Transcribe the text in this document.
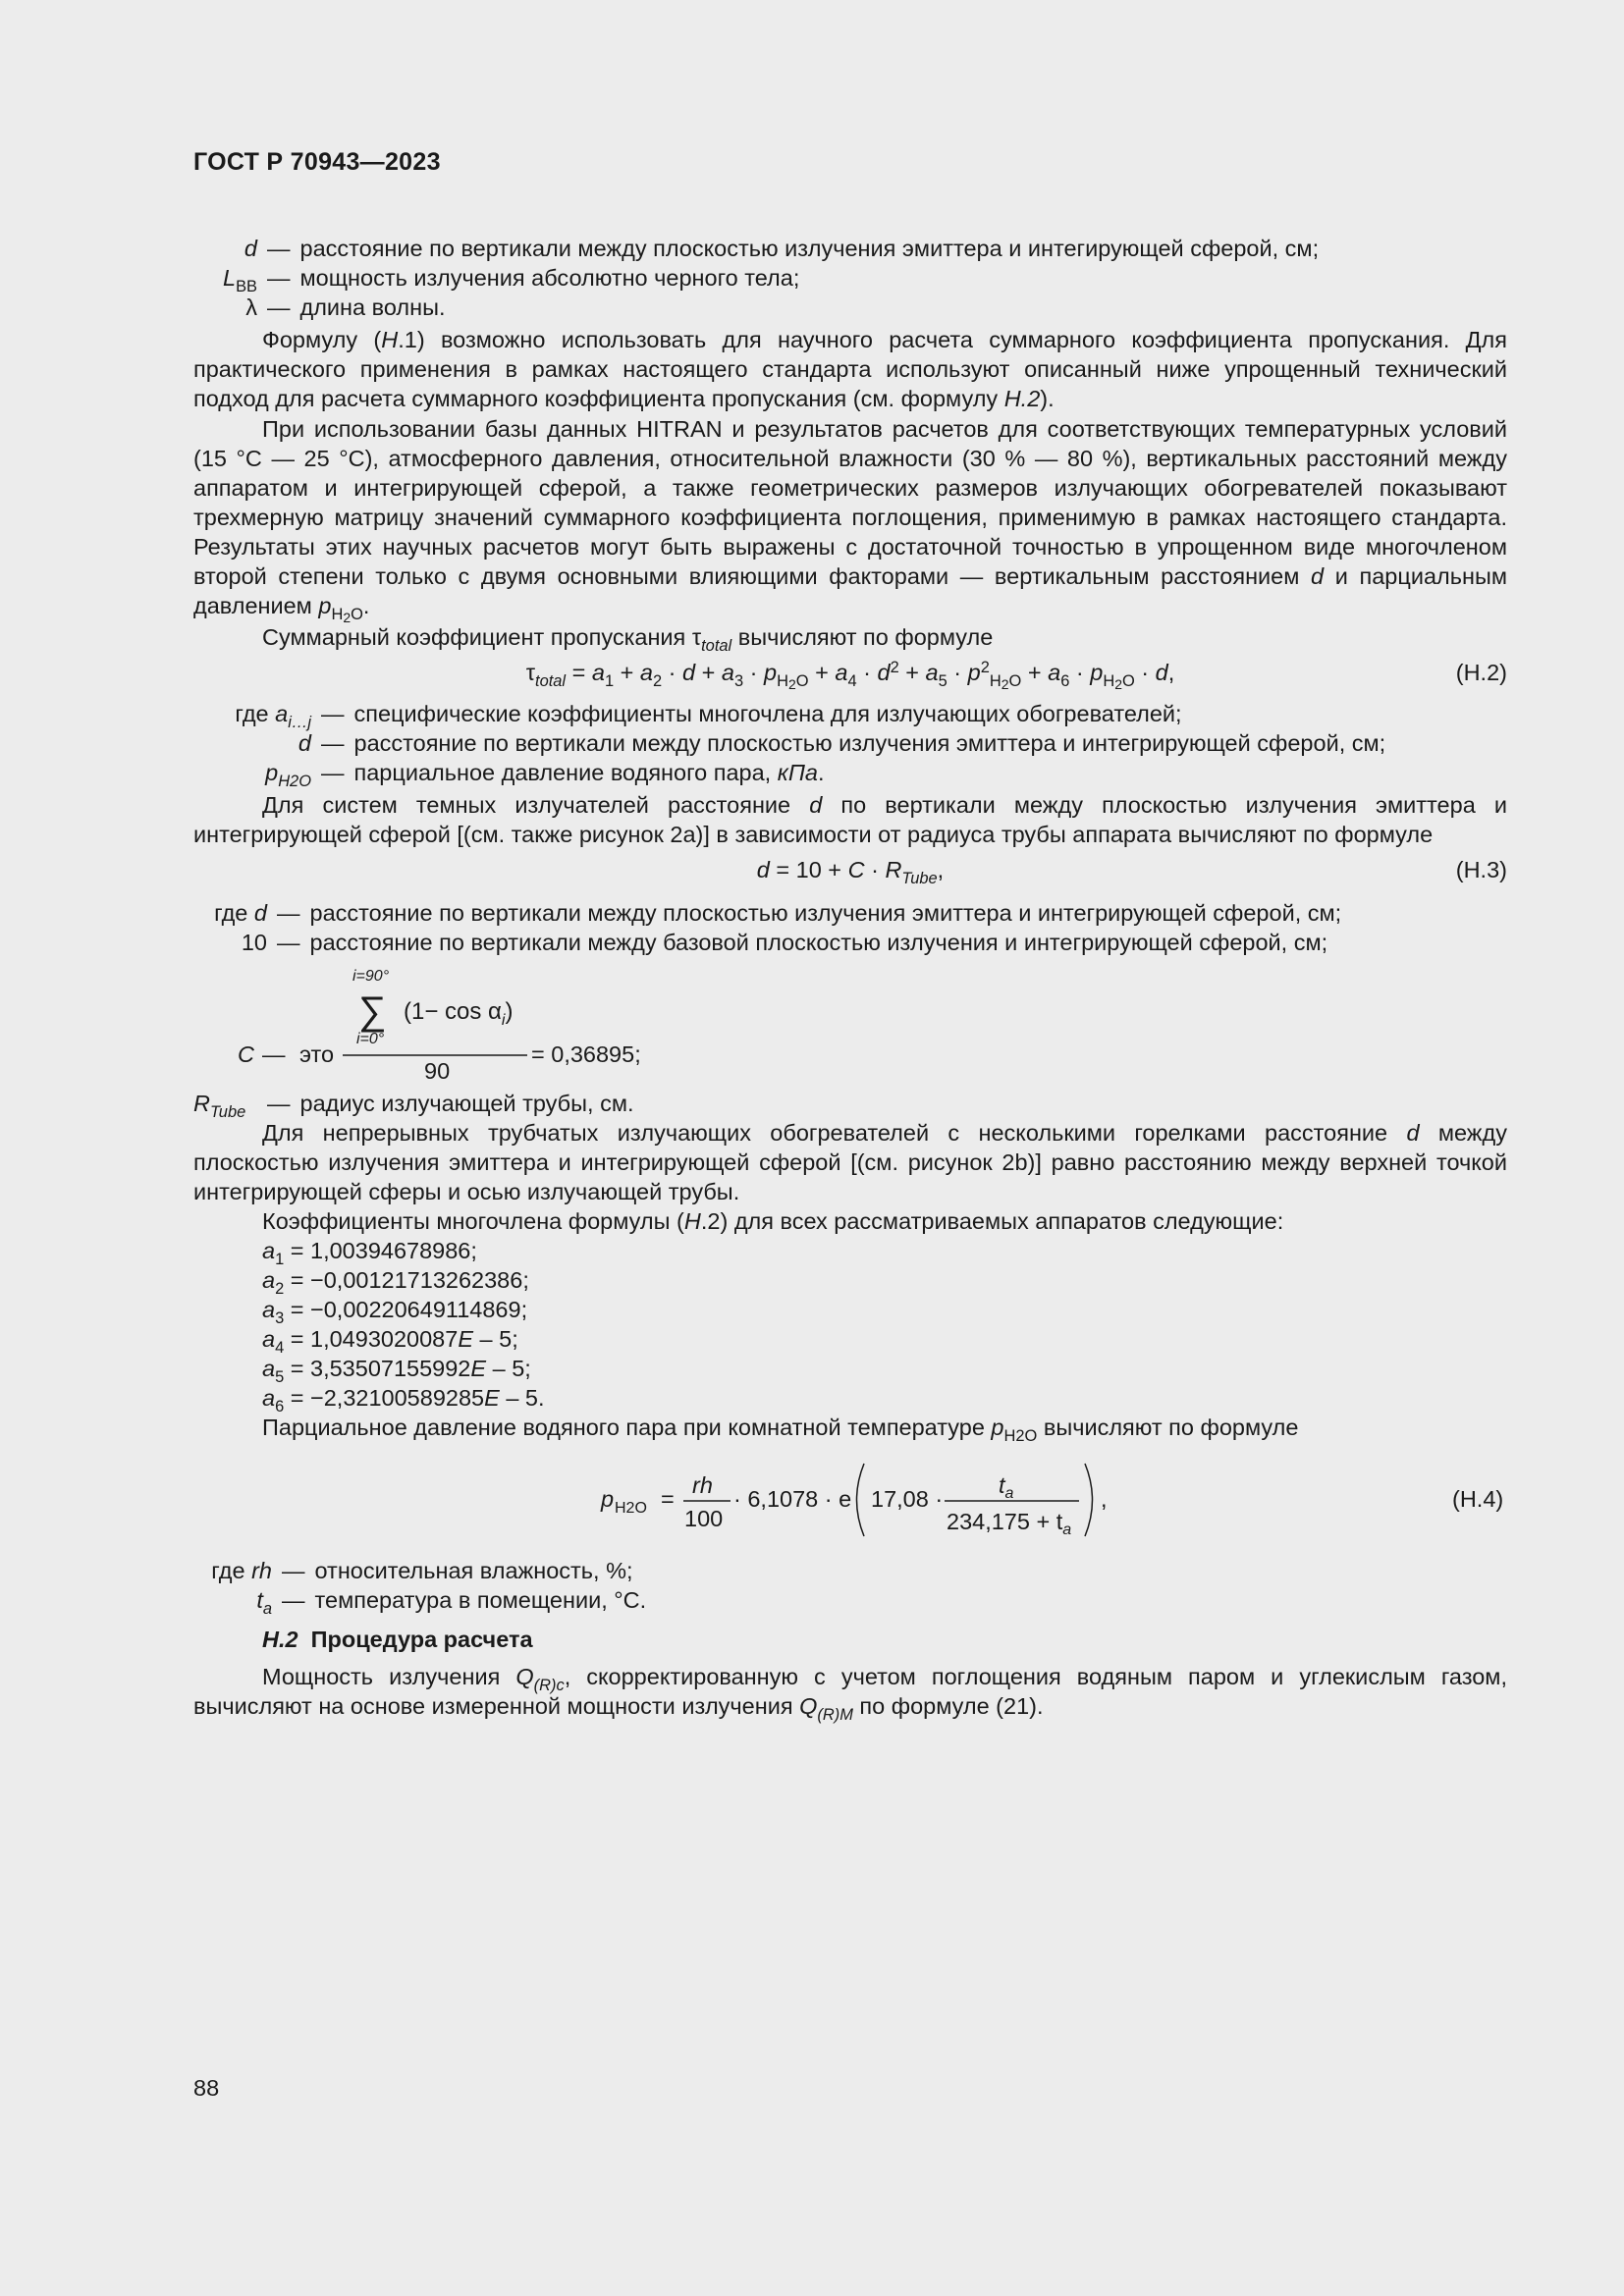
ГОСТ Р 70943—2023
d — расстояние по вертикали между плоскостью излучения эмиттера и интегирующей сферой, см;
$L_{BB}$ — мощность излучения абсолютно черного тела;
λ — длина волны.

Формулу (Н.1) возможно использовать для научного расчета суммарного коэффициента пропускания. Для практического применения в рамках настоящего стандарта используют описанный ниже упрощенный технический подход для расчета суммарного коэффициента пропускания (см. формулу Н.2).

При использовании базы данных HITRAN и результатов расчетов для соответствующих температурных условий (15 °С — 25 °С), атмосферного давления, относительной влажности (30 % — 80 %), вертикальных расстояний между аппаратом и интегрирующей сферой, а также геометрических размеров излучающих обогревателей показывают трехмерную матрицу значений суммарного коэффициента поглощения, применимую в рамках настоящего стандарта. Результаты этих научных расчетов могут быть выражены с достаточной точностью в упрощенном виде многочленом второй степени только с двумя основными влияющими факторами — вертикальным расстоянием d и парциальным давлением $p_{H_2O}$.

Суммарный коэффициент пропускания $\tau_{total}$ вычисляют по формуле

$\tau_{total} = a_1 + a_2 \cdot d + a_3 \cdot p_{H_2O} + a_4 \cdot d^2 + a_5 \cdot p^2_{H_2O} + a_6 \cdot p_{H_2O} \cdot d$,	(Н.2)
где $a_{i\dots j}$ — специфические коэффициенты многочлена для излучающих обогревателей;
d — расстояние по вертикали между плоскостью излучения эмиттера и интегрирующей сферой, см;
$p_{H2O}$ — парциальное давление водяного пара, кПа.

Для систем темных излучателей расстояние d по вертикали между плоскостью излучения эмиттера и интегрирующей сферой [(см. также рисунок 2а)] в зависимости от радиуса трубы аппарата вычисляют по формуле

$d = 10 + C \cdot R_{Tube}$,	(Н.3)
где d — расстояние по вертикали между плоскостью излучения эмиттера и интегрирующей сферой, см;
10 — расстояние по вертикали между базовой плоскостью излучения и интегрирующей сферой, см;
C — это
i=90°
∑
i=0°
$(1- \cos \alpha_i)$
90
= 0,36895;
$R_{Tube}$ — радиус излучающей трубы, см.

Для непрерывных трубчатых излучающих обогревателей с несколькими горелками расстояние d между плоскостью излучения эмиттера и интегрирующей сферой [(см. рисунок 2b)] равно расстоянию между верхней точкой интегрирующей сферы и осью излучающей трубы.

Коэффициенты многочлена формулы (Н.2) для всех рассматриваемых аппаратов следующие:

$a_1 = 1,00394678986$;
$a_2 = -0,00121713262386$;
$a_3 = -0,00220649114869$;
$a_4 = 1,0493020087E - 5$;
$a_5 = 3,53507155992E - 5$;
$a_6 = -2,32100589285E - 5$.

Парциальное давление водяного пара при комнатной температуре $p_{H2O}$ вычисляют по формуле

p H2O =
rh
100
· 6,1078 · e 17,08 ·
$t_a$
$234,175 + t_a$
,	(Н.4)
где rh — относительная влажность, %;
$t_a$ — температура в помещении, °С.
Н.2 Процедура расчета

Мощность излучения $Q_{(R)c}$, скорректированную с учетом поглощения водяным паром и углекислым газом, вычисляют на основе измеренной мощности излучения $Q_{(R)M}$ по формуле (21).

88
